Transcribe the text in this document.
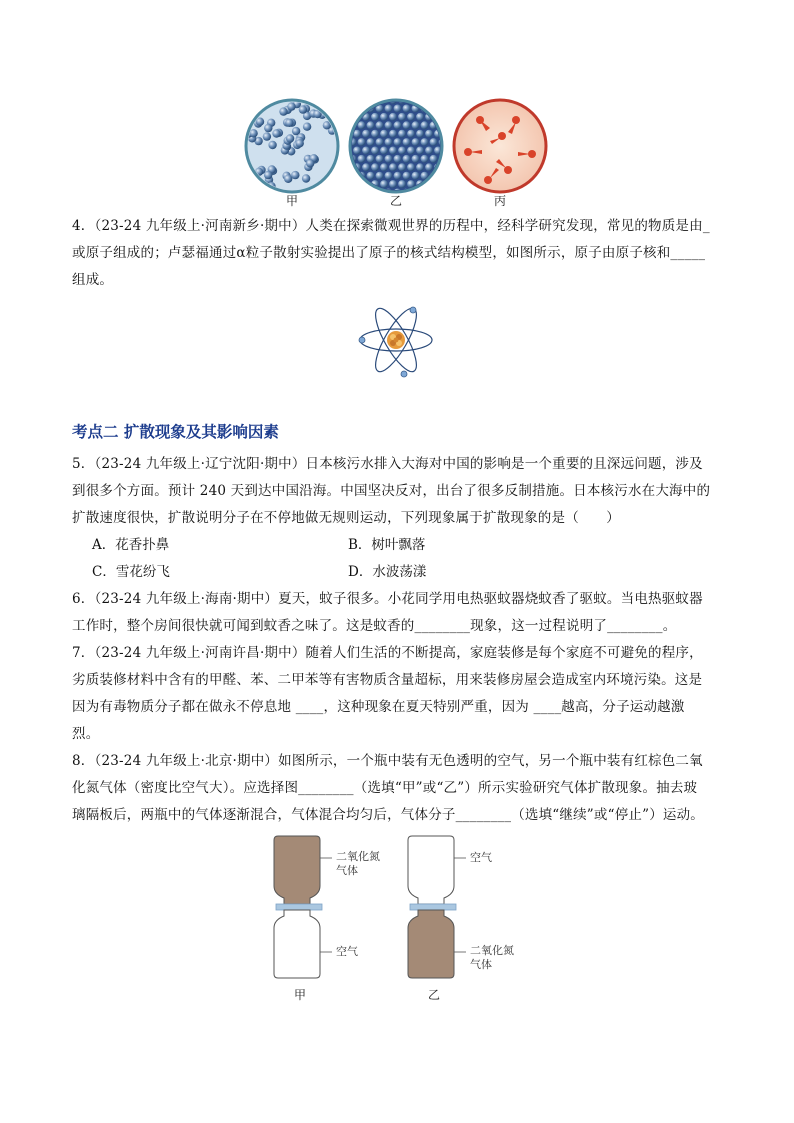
甲	乙	丙
4．（23-24 九年级上·河南新乡·期中）人类在探索微观世界的历程中，经科学研究发现，常见的物质是由_
或原子组成的；卢瑟福通过α粒子散射实验提出了原子的核式结构模型，如图所示，原子由原子核和_____
组成。
考点二 扩散现象及其影响因素
5．（23-24 九年级上·辽宁沈阳·期中）日本核污水排入大海对中国的影响是一个重要的且深远问题，涉及
到很多个方面。预计 240 天到达中国沿海。中国坚决反对，出台了很多反制措施。日本核污水在大海中的
扩散速度很快，扩散说明分子在不停地做无规则运动，下列现象属于扩散现象的是（　　）
A．花香扑鼻	B．树叶飘落
C．雪花纷飞	D．水波荡漾
6．（23-24 九年级上·海南·期中）夏天，蚊子很多。小花同学用电热驱蚊器烧蚊香了驱蚊。当电热驱蚊器
工作时，整个房间很快就可闻到蚊香之味了。这是蚊香的________现象，这一过程说明了________。
7．（23-24 九年级上·河南许昌·期中）随着人们生活的不断提高，家庭装修是每个家庭不可避免的程序，
劣质装修材料中含有的甲醛、苯、二甲苯等有害物质含量超标，用来装修房屋会造成室内环境污染。这是
因为有毒物质分子都在做永不停息地 ____，这种现象在夏天特别严重，因为 ____越高，分子运动越激
烈。
8．（23-24 九年级上·北京·期中）如图所示，一个瓶中装有无色透明的空气，另一个瓶中装有红棕色二氧
化氮气体（密度比空气大）。应选择图________（选填“甲”或“乙”）所示实验研究气体扩散现象。抽去玻
璃隔板后，两瓶中的气体逐渐混合，气体混合均匀后，气体分子________（选填“继续”或“停止”）运动。
二氧化氮
气体
空气
甲
空气
二氧化氮
气体
乙
